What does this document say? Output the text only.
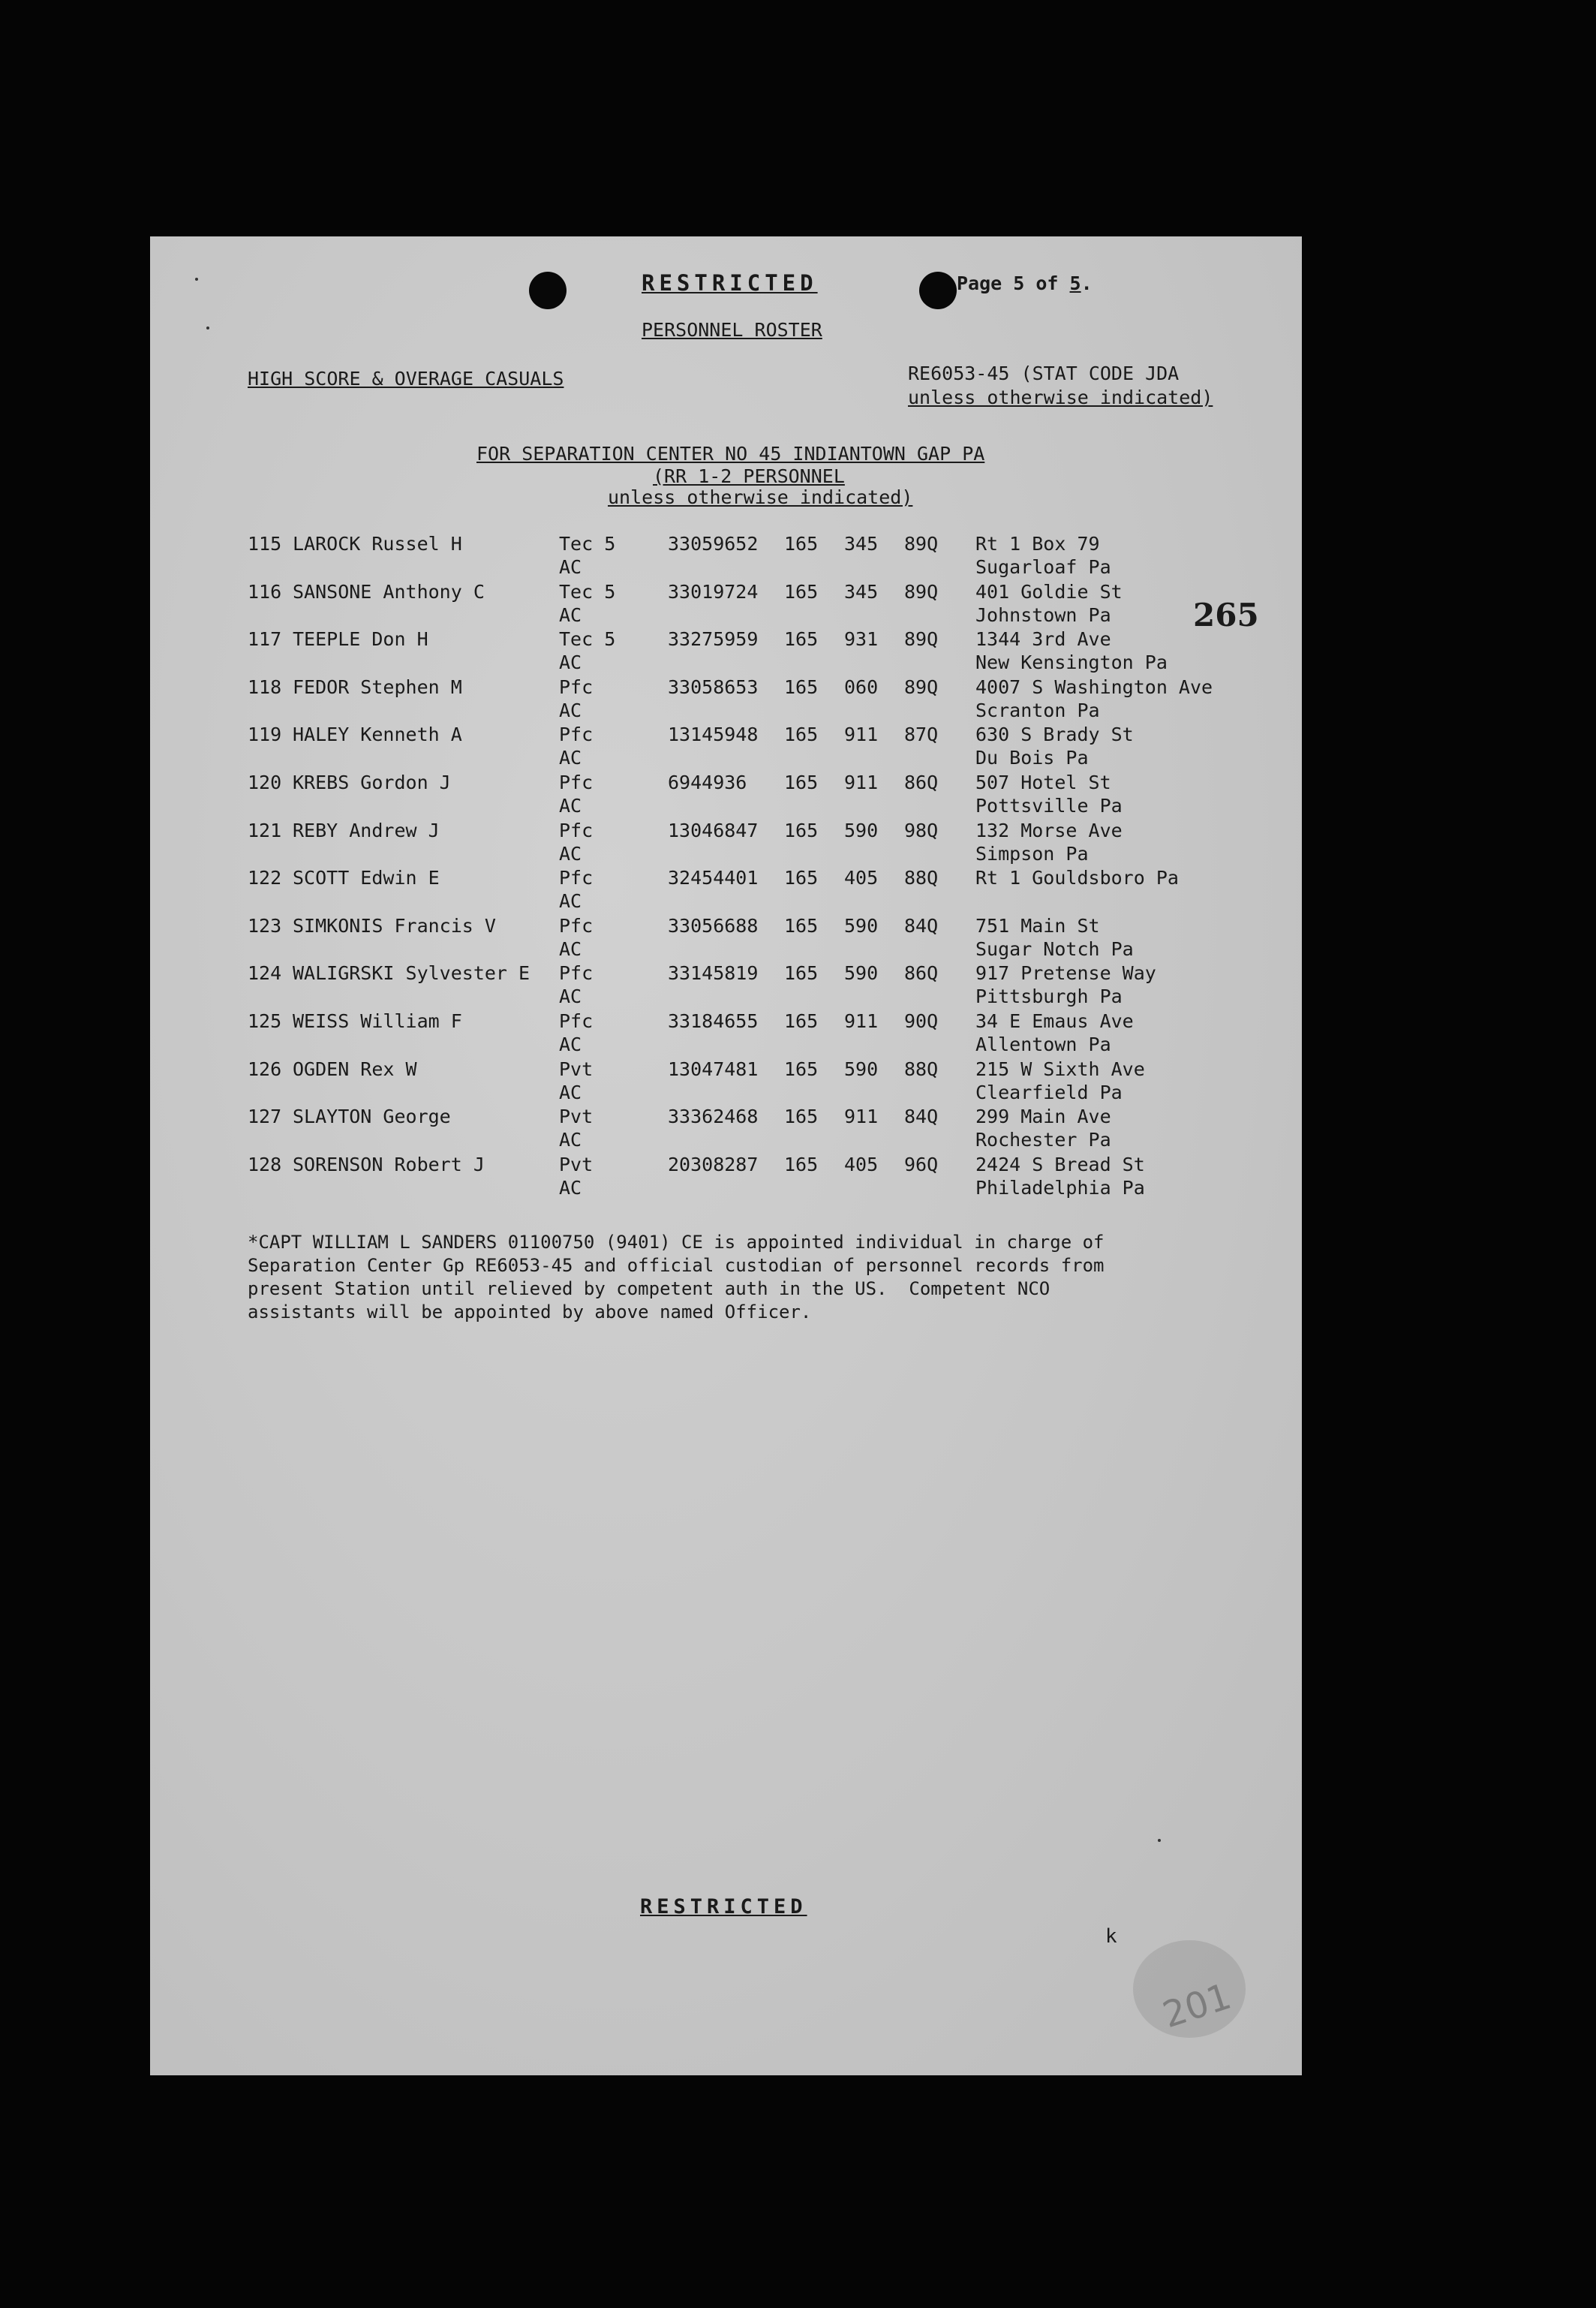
RESTRICTED	Page 5 of 5.
PERSONNEL ROSTER
HIGH SCORE & OVERAGE CASUALS	RE6053-45 (STAT CODE JDA
unless otherwise indicated)
FOR SEPARATION CENTER NO 45 INDIANTOWN GAP PA
(RR 1-2 PERSONNEL
unless otherwise indicated)
265
115 LAROCK Russel H	Tec 5	33059652 165 345 89Q Rt 1 Box 79
AC	Sugarloaf Pa
116 SANSONE Anthony C	Tec 5	33019724 165 345 89Q 401 Goldie St
AC	Johnstown Pa
117 TEEPLE Don H	Tec 5	33275959 165 931 89Q 1344 3rd Ave
AC	New Kensington Pa
118 FEDOR Stephen M	Pfc	33058653 165 060 89Q 4007 S Washington Ave
AC	Scranton Pa
119 HALEY Kenneth A	Pfc	13145948 165 911 87Q 630 S Brady St
AC	Du Bois Pa
120 KREBS Gordon J	Pfc	6944936 165 911 86Q 507 Hotel St
AC	Pottsville Pa
121 REBY Andrew J	Pfc	13046847 165 590 98Q 132 Morse Ave
AC	Simpson Pa
122 SCOTT Edwin E	Pfc	32454401 165 405 88Q Rt 1 Gouldsboro Pa
AC
123 SIMKONIS Francis V	Pfc	33056688 165 590 84Q 751 Main St
AC	Sugar Notch Pa
124 WALIGRSKI Sylvester E Pfc	33145819 165 590 86Q 917 Pretense Way
AC	Pittsburgh Pa
125 WEISS William F	Pfc	33184655 165 911 90Q 34 E Emaus Ave
AC	Allentown Pa
126 OGDEN Rex W	Pvt	13047481 165 590 88Q 215 W Sixth Ave
AC	Clearfield Pa
127 SLAYTON George	Pvt	33362468 165 911 84Q 299 Main Ave
AC	Rochester Pa
128 SORENSON Robert J	Pvt	20308287 165 405 96Q 2424 S Bread St
AC	Philadelphia Pa
*CAPT WILLIAM L SANDERS 01100750 (9401) CE is appointed individual in charge of
Separation Center Gp RE6053-45 and official custodian of personnel records from
present Station until relieved by competent auth in the US.  Competent NCO
assistants will be appointed by above named Officer.
RESTRICTED
k
201
